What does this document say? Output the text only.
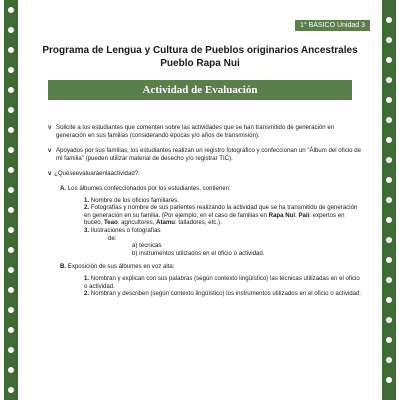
1° BÁSICO Unidad 3
Programa de Lengua y Cultura de Pueblos originarios Ancestrales
Pueblo Rapa Nui
Actividad de Evaluación
v Solicite a los estudiantes que comenten sobre las actividades que se han transmitido de generación en generación en sus familias (considerando épocas y/o años de transmisión).
v Apoyados por sus familias, los estudiantes realizan un registro fotográfico y confeccionan un "Álbum del oficio de mi familia" (pueden utilizar material de desecho y/o registrar TIC).
v ¿Quéseevaluaráenlaactividad?:
A. Los álbumes confeccionados por los estudiantes, contienen:
1. Nombre de los oficios familiares.
2. Fotografías y nombre de sus parientes realizando la actividad que se ha transmitido de generación en generación en su familia. (Por ejemplo, en el caso de familias en Rapa Nui: Paii: expertos en buceo, Teao: agricultores, Atamu: talladores, etc.).
3. Ilustraciones o fotografías
de:
a) técnicas
b) instrumentos utilizados en el oficio o actividad.
B. Exposición de sus álbumes en voz alta:
1. Nombran y explican con sus palabras (según contexto lingüístico) las técnicas utilizadas en el oficio o actividad.
2. Nombran y describen (según contexto lingüístico) los instrumentos utilizados en el oficio o actividad.
